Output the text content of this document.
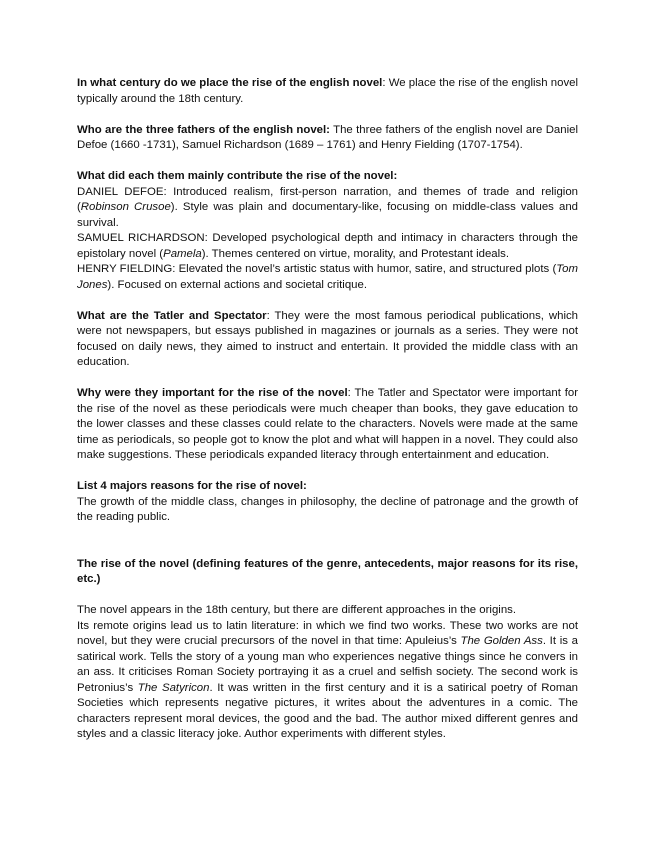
In what century do we place the rise of the english novel: We place the rise of the english novel typically around the 18th century.

Who are the three fathers of the english novel: The three fathers of the english novel are Daniel Defoe (1660 -1731), Samuel Richardson (1689 – 1761) and Henry Fielding (1707-1754).

What did each them mainly contribute the rise of the novel:

DANIEL DEFOE: Introduced realism, first-person narration, and themes of trade and religion (Robinson Crusoe). Style was plain and documentary-like, focusing on middle-class values and survival.

SAMUEL RICHARDSON: Developed psychological depth and intimacy in characters through the epistolary novel (Pamela). Themes centered on virtue, morality, and Protestant ideals.

HENRY FIELDING: Elevated the novel’s artistic status with humor, satire, and structured plots (Tom Jones). Focused on external actions and societal critique.

What are the Tatler and Spectator: They were the most famous periodical publications, which were not newspapers, but essays published in magazines or journals as a series. They were not focused on daily news, they aimed to instruct and entertain. It provided the middle class with an education.

Why were they important for the rise of the novel: The Tatler and Spectator were important for the rise of the novel as these periodicals were much cheaper than books, they gave education to the lower classes and these classes could relate to the characters. Novels were made at the same time as periodicals, so people got to know the plot and what will happen in a novel. They could also make suggestions. These periodicals expanded literacy through entertainment and education.

List 4 majors reasons for the rise of novel:

The growth of the middle class, changes in philosophy, the decline of patronage and the growth of the reading public.

The rise of the novel (defining features of the genre, antecedents, major reasons for its rise, etc.)

The novel appears in the 18th century, but there are different approaches in the origins.

Its remote origins lead us to latin literature: in which we find two works. These two works are not novel, but they were crucial precursors of the novel in that time: Apuleius’s The Golden Ass. It is a satirical work. Tells the story of a young man who experiences negative things since he convers in an ass. It criticises Roman Society portraying it as a cruel and selfish society. The second work is Petronius’s The Satyricon. It was written in the first century and it is a satirical poetry of Roman Societies which represents negative pictures, it writes about the adventures in a comic. The characters represent moral devices, the good and the bad. The author mixed different genres and styles and a classic literacy joke. Author experiments with different styles.
